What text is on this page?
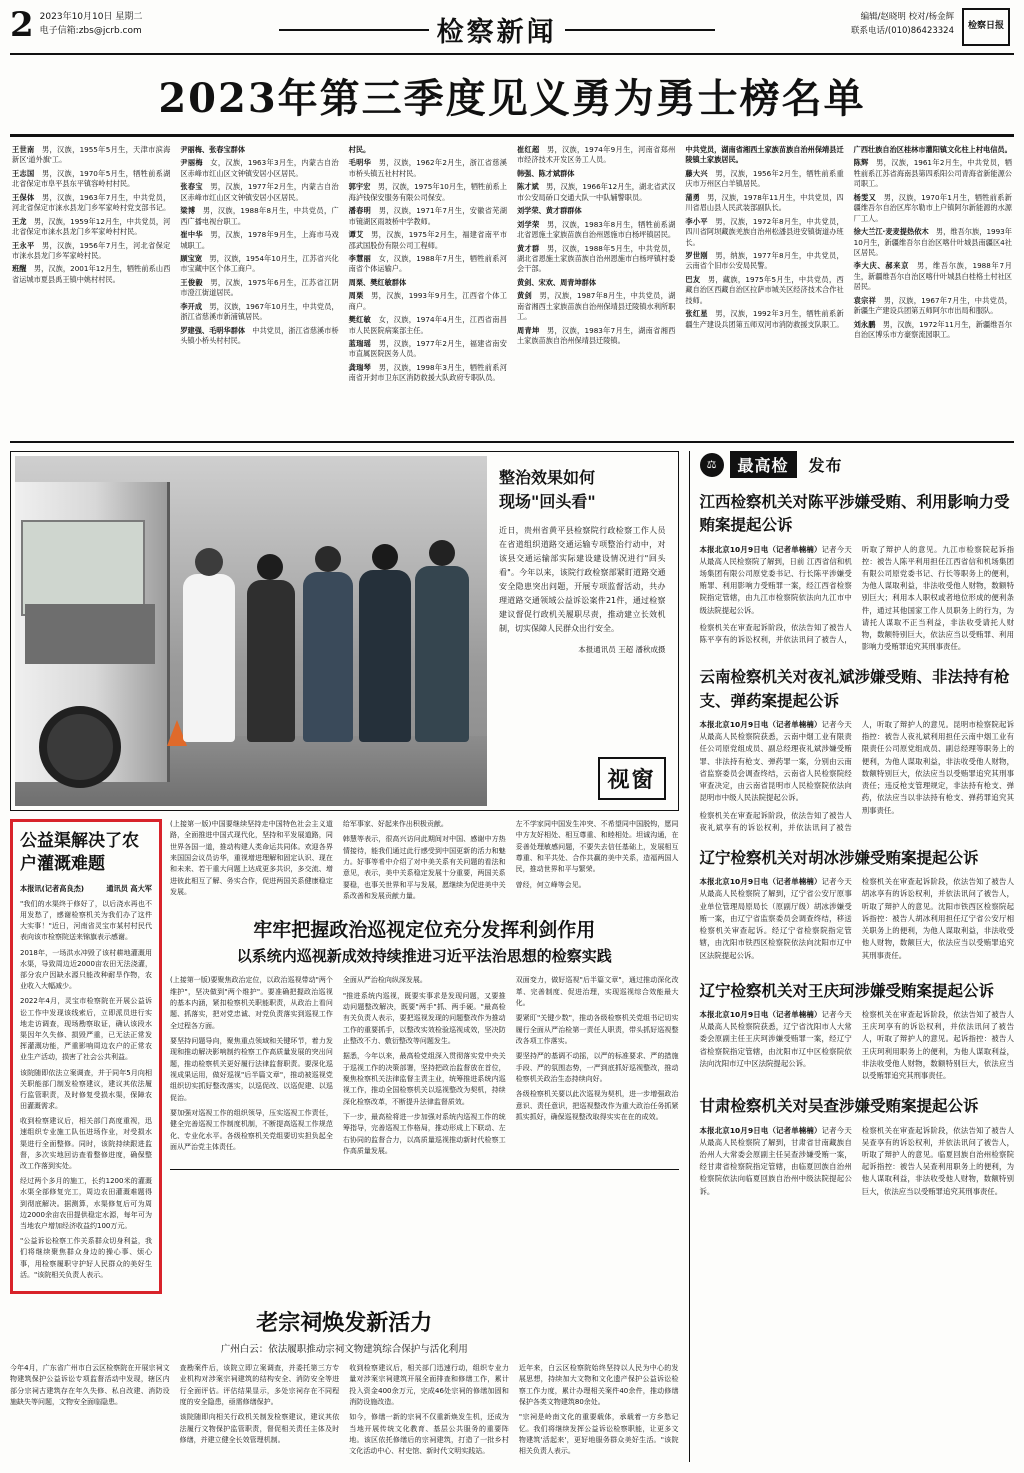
2 2023年10月10日 星期二
电子信箱:zbs@jcrb.com	检察新闻	编辑/赵晓明 校对/杨金辉
联系电话/(010)86423324	检察日报
2023年第三季度见义勇为勇士榜名单

王世南　男，汉族，1955年5月生，天津市滨海新区'道外旗'工。

王志国　男，汉族，1970年5月生，牺牲前系湖北省保定市阜平县东平镇容岭村村民。

王保体　男，汉族，1963年7月生，中共党员，河北省保定市涞水县龙门乡军家岭村党支部书记。

王龙　男，汉族，1959年12月生，中共党员，河北省保定市涞水县龙门乡军家岭村村民。

王永平　男，汉族，1956年7月生，河北省保定市涞水县龙门乡军家岭村民。

班醒　男，汉族，2001年12月生，牺牲前系山西省运城市夏县禹王镇中姚村村民。

尹丽梅、张春宝群体　

尹丽梅　女，汉族，1963年3月生，内蒙古自治区赤峰市红山区文钟镇安居小区居民。

张春宝　男，汉族，1977年2月生，内蒙古自治区赤峰市红山区文钟镇安居小区居民。

梁博　男，汉族，1988年8月生，中共党员，广西广播电视台职工。

崔中华　男，汉族，1978年9月生，上海市马戏城职工。

顾宝宽　男，汉族，1954年10月生，江苏省兴化市宝藏中区个体工商户。

王俊毅　男，汉族，1975年6月生，江苏省江阴市澄江街道居民。

李开成　男，汉族，1967年10月生，中共党员，浙江省慈溪市新浦镇居民。

罗建强、毛明华群体　中共党员，浙江省慈溪市桥头镇小桥头村村民。

村民。　

毛明华　男，汉族，1962年2月生，浙江省慈溪市桥头镇五社村村民。

郭宇宏　男，汉族，1975年10月生，牺牲前系上海泸钱保安服务有限公司保安。

潘春明　男，汉族，1971年7月生，安徽省芜湖市镜湖区雨坡桥中学教师。

谭艾　男，汉族，1975年2月生，福建省南平市邵武国股份有限公司工程师。

李慧丽　女，汉族，1988年7月生，牺牲前系河南省个体运输户。

周栗、樊红敏群体　

周栗　男，汉族，1993年9月生，江西省个体工商户。

樊红敏　女，汉族，1974年4月生，江西省南昌市人民医院病案部主任。

蓝瑞瑶　男，汉族，1977年2月生，福建省南安市直属医院医务人员。

龚瑞琴　男，汉族，1998年3月生，牺牲前系河南省开封市卫东区消防救援大队政府专职队员。

崔红超　男，汉族，1974年9月生，河南省郑州市经济技术开发区务工人员。

韩强、陈才斌群体　

陈才斌　男，汉族，1966年12月生，湖北省武汉市公安局硚口交通大队一中队辅警职员。

刘学荣、黄才群群体　

刘学荣　男，汉族，1983年8月生，牺牲前系湖北省恩施土家族苗族自治州恩施市白杨坪镇居民。

黄才群　男，汉族，1988年5月生，中共党员，湖北省恩施土家族苗族自治州恩施市白杨坪镇村委会干部。

黄剑、宋欢、周青坤群体　

黄剑　男，汉族，1987年8月生，中共党员，湖南省湘西土家族苗族自治州保靖县迁陵镇水利所职工。

周青坤　男，汉族，1983年7月生，湖南省湘西土家族苗族自治州保靖县迁陵镇。

中共党员，湖南省湘西土家族苗族自治州保靖县迁陵镇土家族居民。　

藤大兴　男，汉族，1956年2月生，牺牲前系重庆市万州区白羊镇居民。

蒲勇　男，汉族，1978年11月生，中共党员，四川省眉山县人民武装部副队长。

李小平　男，汉族，1972年8月生，中共党员，四川省阿坝藏族羌族自治州松潘县进安镇街道办班长。

罗世刚　男，纳族，1977年8月生，中共党员，云南省个旧市公安局民警。

巴友　男，藏族，1975年5月生，中共党员，西藏自治区西藏自治区拉萨市城关区经济技术合作社技师。

张红星　男，汉族，1992年3月生，牺牲前系新疆生产建设兵团第五师双河市消防救援支队职工。

广西壮族自治区桂林市灌阳镇文化柱上村电信员。　

陈辉　男，汉族，1961年2月生，中共党员，牺牲前系江苏省海南县第四系阳公司青海省新能源公司职工。

杨雯又　男，汉族，1970年1月生，牺牲前系新疆维吾尔自治区库尔勒市上户镇阿尔新能源的水源厂工人。

徐大兰江·麦麦提热依木　男，维吾尔族，1993年10月生，新疆维吾尔自治区喀什叶城县南疆区4社区居民。

李大庆、郝来京　男，维吾尔族，1988年7月生，新疆维吾尔自治区喀什叶城县白桂格土村社区居民。

袁宗祥　男，汉族，1967年7月生，中共党员，新疆生产建设兵团第五师阿尔市出局和服队。

刘永鹏　男，汉族，1972年11月生，新疆维吾尔自治区博乐市方豪察流园职工。

整治效果如何
现场"回头看"
近日，贵州省黄平县检察院行政检察工作人员在省道组织道路交通运输专项整治行动中，对该县交通运输部实际建设建设情况进行"回头看"。今年以来，该院行政检察部紧盯道路交通安全隐患突出问题，开展专项监督活动，共办理道路交通领域公益诉讼案件21件，通过检察建议督促行政机关履职尽责，推动建立长效机制，切实保障人民群众出行安全。
本报通讯员 王超 潘秋成摄
视窗
公益渠解决了农户灌溉难题
本报讯(记者高良杰)	通讯员 高大军

"我们的水渠终于修好了，以后浇水再也不用发愁了，感谢检察机关为我们办了这件大实事！"近日，河南省灵宝市某村村民代表向该市检察院送来锦旗表示感谢。

2018年，一场洪水冲毁了该村耕地灌溉用水渠，导致周边近2000亩农田无法浇灌，部分农户因缺水源只能改种耐旱作物，农业收入大幅减少。

2022年4月，灵宝市检察院在开展公益诉讼工作中发现该线索后，立即派员进行实地走访调查，现场勘察取证，确认该段水渠因年久失修、损毁严重，已无法正常发挥灌溉功能，严重影响周边农户的正常农业生产活动，损害了社会公共利益。

该院随即依法立案调查，并于同年5月向相关职能部门制发检察建议，建议其依法履行监管职责，及时修复受损水渠，保障农田灌溉需求。

收到检察建议后，相关部门高度重视，迅速组织专业施工队伍进场作业，对受损水渠进行全面整修。同时，该院持续跟进监督，多次实地回访查看整修进度，确保整改工作落到实处。

经过两个多月的施工，长约1200米的灌溉水渠全部修复完工，周边农田灌溉难题得到彻底解决。据测算，水渠修复后可为周边2000余亩农田提供稳定水源，每年可为当地农户增加经济收益约100万元。

"公益诉讼检察工作关系群众切身利益，我们将继续聚焦群众身边的操心事、烦心事，用检察履职守护好人民群众的美好生活。"该院相关负责人表示。

(上接第一版)中国要继续坚持走中国特色社会主义道路，全面推进中国式现代化，坚持和平发展道路，同世界各国一道，推动构建人类命运共同体。欢迎各界来国国会议员访华，重视增进理解和固定认识、现在和未来、若干重大问题上达成更多共识，多交流、增进彼此相互了解、务实合作，促进两国关系健康稳定发展。

给军事家、好起来作出积极贡献。

韩慧等表示，很高兴访问此期间对中国、感谢中方热情接待，能我们通过此行感受到中国更新的活力和魅力。好事等希中介绍了对中美关系有关问题的看法和意见，表示，美中关系稳定发展十分重要，两国关系要稳，也事关世界和平与发展，愿继续为促进美中关系改善和发展贡献力量。

左不学家同中国发生冲突、不希望同中国脱钩，愿同中方友好相处、相互尊重、和睦相处。坦诚沟通，在妥善处理敏感问题，不要失去信任基础上，发展相互尊重、和平共处、合作共赢的美中关系，造福两国人民，推动世界和平与繁荣。

曾经，何立峰等会见。

牢牢把握政治巡视定位充分发挥利剑作用
以系统内巡视新成效持续推进习近平法治思想的检察实践

(上接第一版)要聚焦政治定位，以政治巡视带动"两个维护"，坚决做到"两个维护"。要准确把握政治巡视的基本内涵，紧扣检察机关职能职责，从政治上看问题、抓落实，把对党忠诚、对党负责落实到巡视工作全过程各方面。

要坚持问题导向，聚焦重点领域和关键环节，着力发现和推动解决影响制约检察工作高质量发展的突出问题，推动检察机关更好履行法律监督职责。要深化巡视成果运用，做好巡视"后半篇文章"，推动被巡视党组织切实抓好整改落实，以巡促改、以巡促建、以巡促治。

要加强对巡视工作的组织领导，压实巡视工作责任，健全完善巡视工作制度机制，不断提高巡视工作规范化、专业化水平。各级检察机关党组要切实担负起全面从严治党主体责任。

全面从严治检向纵深发展。

"推进系统内巡视，既要实事求是发现问题，又要推动问题整改解决，既要"两手"抓、两手硬。"最高检有关负责人表示，要把巡视发现的问题整改作为推动工作的重要抓手，以整改实效检验巡视成效，坚决防止整改不力、敷衍整改等问题发生。

据悉，今年以来，最高检党组深入贯彻落实党中央关于巡视工作的决策部署，坚持把政治监督放在首位，聚焦检察机关法律监督主责主业，统筹推进系统内巡视工作，推动全国检察机关以巡视整改为契机，持续深化检察改革，不断提升法律监督质效。

下一步，最高检将进一步加强对系统内巡视工作的统筹指导，完善巡视工作格局，推动形成上下联动、左右协同的监督合力，以高质量巡视推动新时代检察工作高质量发展。

双面变力，做好巡视"后半篇文章"，通过推动深化改革、完善制度、促进治理，实现巡视综合效能最大化。

要紧盯"关键少数"，推动各级检察机关党组书记切实履行全面从严治检第一责任人职责，带头抓好巡视整改各项工作落实。

要坚持严的基调不动摇，以严的标准要求、严的措施手段、严的氛围态势，一严到底抓好巡视整改，推动检察机关政治生态持续向好。

各级检察机关要以此次巡视为契机，进一步增强政治意识、责任意识，把巡视整改作为重大政治任务抓紧抓实抓好，确保巡视整改取得实实在在的成效。

老宗祠焕发新活力
广州白云：依法履职推动宗祠文物建筑综合保护与活化利用

今年4月，广东省广州市白云区检察院在开展宗祠文物建筑保护公益诉讼专项监督活动中发现，辖区内部分宗祠古建筑存在年久失修、私自改建、消防设施缺失等问题，文物安全面临隐患。

查勘案件后，该院立即立案调查，并委托第三方专业机构对涉案宗祠建筑的结构安全、消防安全等进行全面评估。评估结果显示，多处宗祠存在不同程度的安全隐患，亟需修缮保护。

该院随即向相关行政机关制发检察建议，建议其依法履行文物保护监管职责，督促相关责任主体及时修缮，并建立健全长效管理机制。

收到检察建议后，相关部门迅速行动，组织专业力量对涉案宗祠建筑开展全面排查和修缮工作，累计投入资金400余万元，完成46处宗祠的修缮加固和消防设施改造。

如今，修缮一新的宗祠不仅重新焕发生机，还成为当地开展传统文化教育、基层公共服务的重要阵地。该区依托修缮后的宗祠建筑，打造了一批乡村文化活动中心、村史馆、新时代文明实践站。

近年来，白云区检察院始终坚持以人民为中心的发展思想，持续加大文物和文化遗产保护公益诉讼检察工作力度，累计办理相关案件40余件，推动修缮保护各类文物建筑80余处。

"宗祠是岭南文化的重要载体，承载着一方乡愁记忆。我们将继续发挥公益诉讼检察职能，让更多文物建筑'活起来'，更好地服务群众美好生活。"该院相关负责人表示。

⚖	最高检	发布
江西检察机关对陈平涉嫌受贿、利用影响力受贿案提起公诉

本报北京10月9日电（记者单楠楠）记者今天从最高人民检察院了解到，日前 江西省信和机场集团有限公司原党委书记、行长陈平涉嫌受贿罪、利用影响力受贿罪一案，经江西省检察院指定管辖，由九江市检察院依法向九江市中级法院提起公诉。

检察机关在审查起诉阶段，依法告知了被告人陈平享有的诉讼权利，并依法讯问了被告人，听取了辩护人的意见。九江市检察院起诉指控：被告人陈平利用担任江西省信和机场集团有限公司原党委书记、行长等职务上的便利，为他人谋取利益，非法收受他人财物，数额特别巨大；利用本人职权或者地位形成的便利条件，通过其他国家工作人员职务上的行为，为请托人谋取不正当利益，非法收受请托人财物，数额特别巨大，依法应当以受贿罪、利用影响力受贿罪追究其刑事责任。

云南检察机关对夜礼斌涉嫌受贿、非法持有枪支、弹药案提起公诉

本报北京10月9日电（记者单楠楠）记者今天从最高人民检察院获悉，云南中烟工业有限责任公司原党组成员、副总经理夜礼斌涉嫌受贿罪、非法持有枪支、弹药罪一案，分别由云南省监察委员会调查终结，云南省人民检察院经审查决定，由云南省昆明市人民检察院依法向昆明市中级人民法院提起公诉。

检察机关在审查起诉阶段，依法告知了被告人夜礼斌享有的诉讼权利，并依法讯问了被告人，听取了辩护人的意见。昆明市检察院起诉指控：被告人夜礼斌利用担任云南中烟工业有限责任公司原党组成员、副总经理等职务上的便利，为他人谋取利益，非法收受他人财物，数额特别巨大，依法应当以受贿罪追究其刑事责任；违反枪支管理规定，非法持有枪支、弹药，依法应当以非法持有枪支、弹药罪追究其刑事责任。

辽宁检察机关对胡冰涉嫌受贿案提起公诉

本报北京10月9日电（记者单楠楠）记者今天从最高人民检察院了解到，辽宁省公安厅原事业单位管理局原局长（原副厅级）胡冰涉嫌受贿一案，由辽宁省监察委员会调查终结，移送检察机关审查起诉。经辽宁省检察院指定管辖，由沈阳市铁西区检察院依法向沈阳市辽中区法院提起公诉。

检察机关在审查起诉阶段，依法告知了被告人胡冰享有的诉讼权利，并依法讯问了被告人，听取了辩护人的意见。沈阳市铁西区检察院起诉指控：被告人胡冰利用担任辽宁省公安厅相关职务上的便利，为他人谋取利益，非法收受他人财物，数额巨大，依法应当以受贿罪追究其刑事责任。

辽宁检察机关对王庆珂涉嫌受贿案提起公诉

本报北京10月9日电（记者单楠楠）记者今天从最高人民检察院获悉，辽宁省沈阳市人大常委会原副主任王庆珂涉嫌受贿罪一案，经辽宁省检察院指定管辖，由沈阳市辽中区检察院依法向沈阳市辽中区法院提起公诉。

检察机关在审查起诉阶段，依法告知了被告人王庆珂享有的诉讼权利，并依法讯问了被告人，听取了辩护人的意见。起诉指控：被告人王庆珂利用职务上的便利，为他人谋取利益，非法收受他人财物，数额特别巨大，依法应当以受贿罪追究其刑事责任。

甘肃检察机关对吴查涉嫌受贿案提起公诉

本报北京10月9日电（记者单楠楠）记者今天从最高人民检察院了解到，甘肃省甘南藏族自治州人大常委会原副主任吴查涉嫌受贿一案，经甘肃省检察院指定管辖，由临夏回族自治州检察院依法向临夏回族自治州中级法院提起公诉。

检察机关在审查起诉阶段，依法告知了被告人吴查享有的诉讼权利，并依法讯问了被告人，听取了辩护人的意见。临夏回族自治州检察院起诉指控：被告人吴查利用职务上的便利，为他人谋取利益，非法收受他人财物，数额特别巨大，依法应当以受贿罪追究其刑事责任。
